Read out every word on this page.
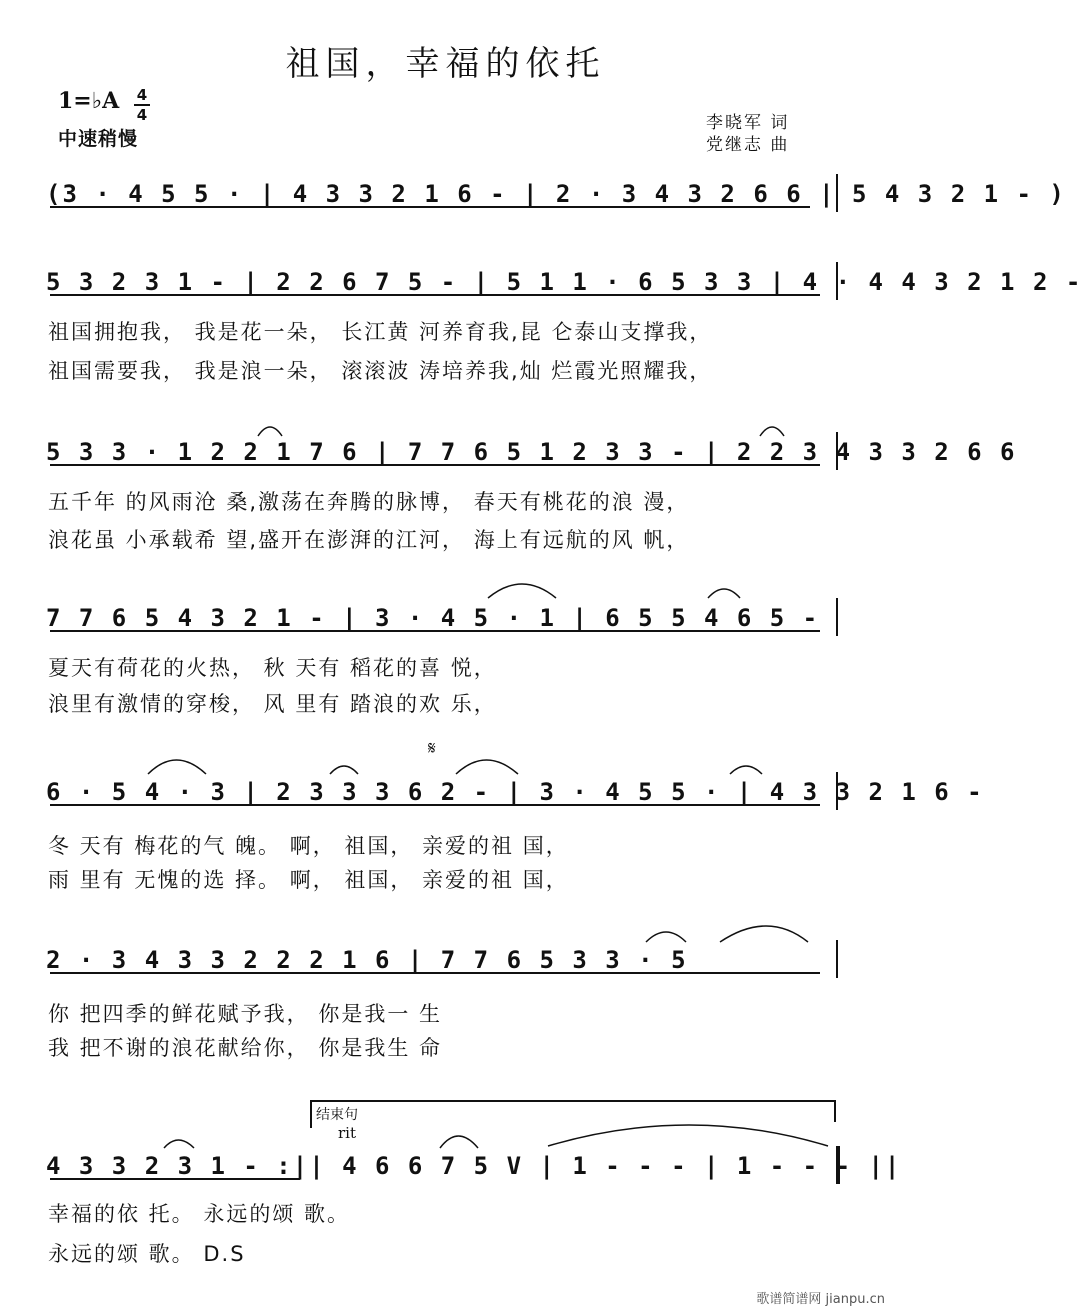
祖国，幸福的依托
1=♭A	4
4
中速稍慢
李晓军 词
党继志 曲
(3 · 4 5 5 · | 4 3 3 2 1 6 - | 2 · 3 4 3 2 6 6 | 5 4 3 2 1 - )
5 3 2 3 1 - | 2 2 6 7 5 - | 5 1 1 · 6 5 3 3 | 4 · 4 4 3 2 1 2 -
祖国拥抱我， 我是花一朵， 长江黄 河养育我,昆 仑泰山支撑我，
祖国需要我， 我是浪一朵， 滚滚波 涛培养我,灿 烂霞光照耀我，
5 3 3 · 1 2 2 1 7 6 | 7 7 6 5 1 2 3 3 - | 2 2 3 4 3 3 2 6 6
五千年 的风雨沧 桑,激荡在奔腾的脉博， 春天有桃花的浪 漫，
浪花虽 小承载希 望,盛开在澎湃的江河， 海上有远航的风 帆，
7 7 6 5 4 3 2 1 - | 3 · 4 5 · 1 | 6 5 5 4 6 5 -
夏天有荷花的火热， 秋 天有 稻花的喜 悦，
浪里有激情的穿梭， 风 里有 踏浪的欢 乐，
𝄋
6 · 5 4 · 3 | 2 3 3 3 6 2 - | 3 · 4 5 5 · | 4 3 3 2 1 6 -
冬 天有 梅花的气 魄。 啊， 祖国， 亲爱的祖 国，
雨 里有 无愧的选 择。 啊， 祖国， 亲爱的祖 国，
2 · 3 4 3 3 2 2 2 1 6 | 7 7 6 5 3 3 · 5
你 把四季的鲜花赋予我， 你是我一 生
我 把不谢的浪花献给你， 你是我生 命
结束句
rit
4 3 3 2 3 1 - :|| 4 6 6 7 5 V | 1 - - - | 1 - - - ||
幸福的依 托。 永远的颂 歌。
永远的颂 歌。 D.S
歌谱简谱网 jianpu.cn
